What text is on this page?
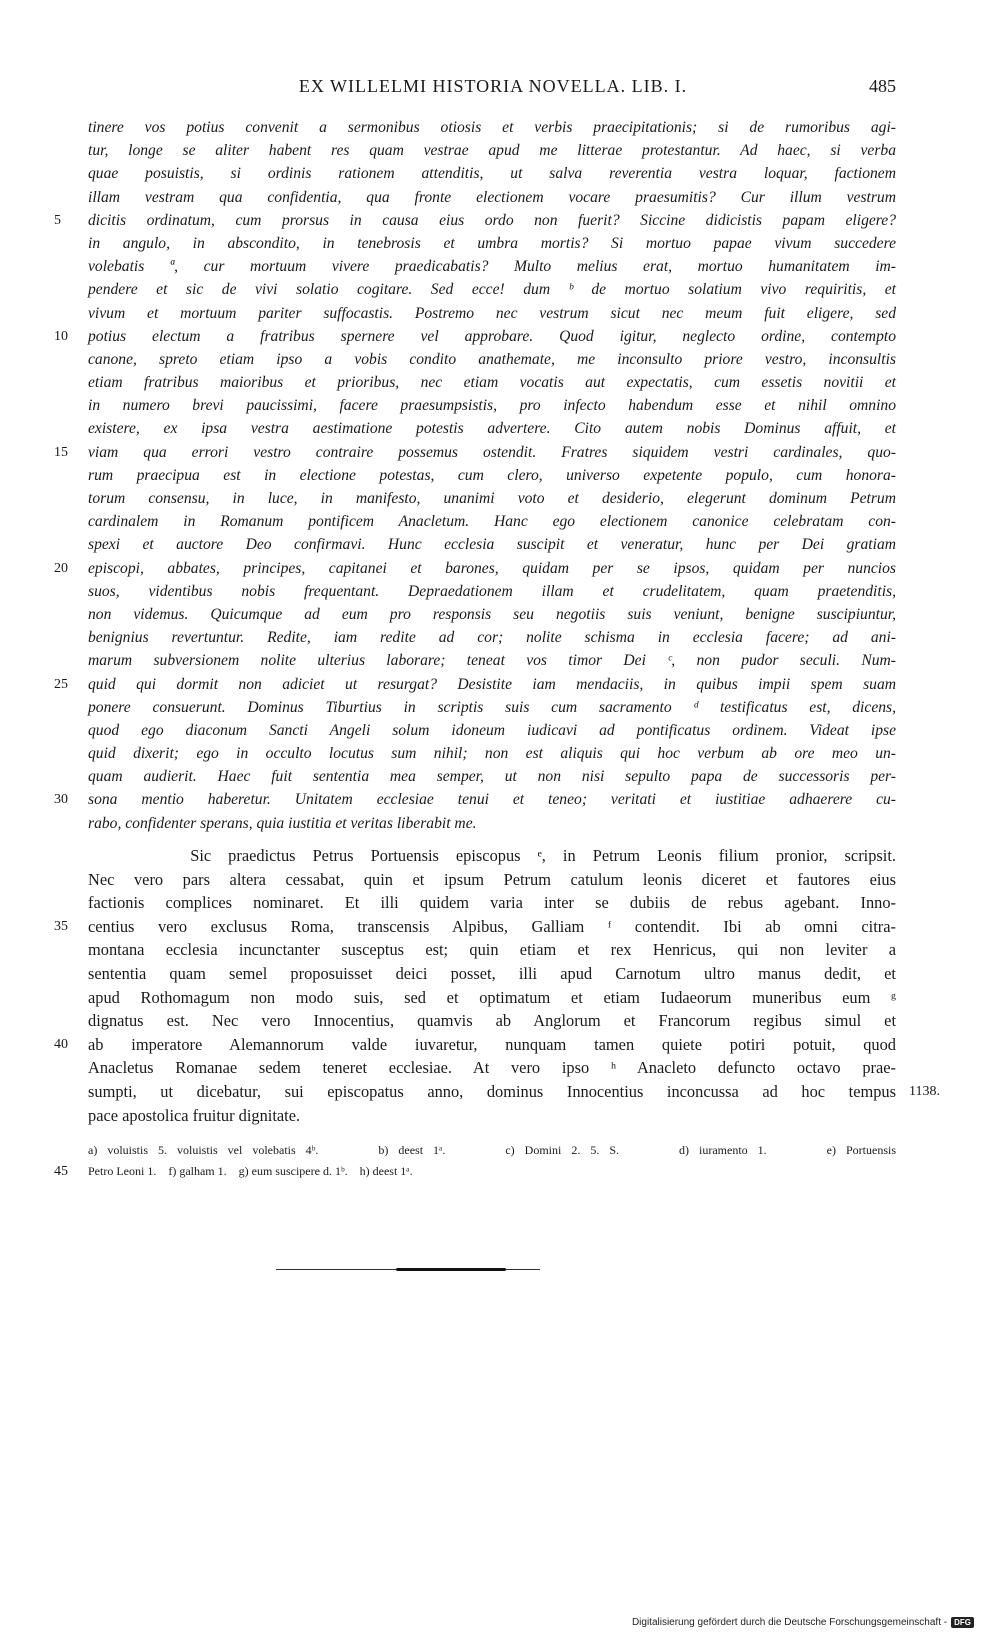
EX WILLELMI HISTORIA NOVELLA. LIB. I.	485
tinere vos potius convenit a sermonibus otiosis et verbis praecipitationis; si de rumoribus agi-
tur, longe se aliter habent res quam vestrae apud me litterae protestantur. Ad haec, si verba
quae posuistis, si ordinis rationem attenditis, ut salva reverentia vestra loquar, factionem
illam vestram qua confidentia, qua fronte electionem vocare praesumitis? Cur illum vestrum
5	dicitis ordinatum, cum prorsus in causa eius ordo non fuerit? Siccine didicistis papam eligere?
in angulo, in abscondito, in tenebrosis et umbra mortis? Si mortuo papae vivum succedere
volebatis ª, cur mortuum vivere praedicabatis? Multo melius erat, mortuo humanitatem im-
pendere et sic de vivi solatio cogitare. Sed ecce! dum ᵇ de mortuo solatium vivo requiritis, et
vivum et mortuum pariter suffocastis. Postremo nec vestrum sicut nec meum fuit eligere, sed
10	potius electum a fratribus spernere vel approbare. Quod igitur, neglecto ordine, contempto
canone, spreto etiam ipso a vobis condito anathemate, me inconsulto priore vestro, inconsultis
etiam fratribus maioribus et prioribus, nec etiam vocatis aut expectatis, cum essetis novitii et
in numero brevi paucissimi, facere praesumpsistis, pro infecto habendum esse et nihil omnino
existere, ex ipsa vestra aestimatione potestis advertere. Cito autem nobis Dominus affuit, et
15	viam qua errori vestro contraire possemus ostendit. Fratres siquidem vestri cardinales, quo-
rum praecipua est in electione potestas, cum clero, universo expetente populo, cum honora-
torum consensu, in luce, in manifesto, unanimi voto et desiderio, elegerunt dominum Petrum
cardinalem in Romanum pontificem Anacletum. Hanc ego electionem canonice celebratam con-
spexi et auctore Deo confirmavi. Hunc ecclesia suscipit et veneratur, hunc per Dei gratiam
20	episcopi, abbates, principes, capitanei et barones, quidam per se ipsos, quidam per nuncios
suos, videntibus nobis frequentant. Depraedationem illam et crudelitatem, quam praetenditis,
non videmus. Quicumque ad eum pro responsis seu negotiis suis veniunt, benigne suscipiuntur,
benignius revertuntur. Redite, iam redite ad cor; nolite schisma in ecclesia facere; ad ani-
marum subversionem nolite ulterius laborare; teneat vos timor Dei ᶜ, non pudor seculi. Num-
25	quid qui dormit non adiciet ut resurgat? Desistite iam mendaciis, in quibus impii spem suam
ponere consuerunt. Dominus Tiburtius in scriptis suis cum sacramento ᵈ testificatus est, dicens,
quod ego diaconum Sancti Angeli solum idoneum iudicavi ad pontificatus ordinem. Videat ipse
quid dixerit; ego in occulto locutus sum nihil; non est aliquis qui hoc verbum ab ore meo un-
quam audierit. Haec fuit sententia mea semper, ut non nisi sepulto papa de successoris per-
30	sona mentio haberetur. Unitatem ecclesiae tenui et teneo; veritati et iustitiae adhaerere cu-
rabo, confidenter sperans, quia iustitia et veritas liberabit me.
Sic praedictus Petrus Portuensis episcopus ᵉ, in Petrum Leonis filium pronior, scripsit.
Nec vero pars altera cessabat, quin et ipsum Petrum catulum leonis diceret et fautores eius
factionis complices nominaret. Et illi quidem varia inter se dubiis de rebus agebant. Inno-
35	centius vero exclusus Roma, transcensis Alpibus, Galliam ᶠ contendit. Ibi ab omni citra-
montana ecclesia incunctanter susceptus est; quin etiam et rex Henricus, qui non leviter a
sententia quam semel proposuisset deici posset, illi apud Carnotum ultro manus dedit, et
apud Rothomagum non modo suis, sed et optimatum et etiam Iudaeorum muneribus eum ᵍ
dignatus est. Nec vero Innocentius, quamvis ab Anglorum et Francorum regibus simul et
40	ab imperatore Alemannorum valde iuvaretur, nunquam tamen quiete potiri potuit, quod
Anacletus Romanae sedem teneret ecclesiae. At vero ipso ʰ Anacleto defuncto octavo prae-
sumpti, ut dicebatur, sui episcopatus anno, dominus Innocentius inconcussa ad hoc tempus 1138.
pace apostolica fruitur dignitate.
a) voluistis 5. voluistis vel volebatis 4ᵇ.      b) deest 1ᵃ.      c) Domini 2. 5. S.      d) iuramento 1.      e) Portuensis
45	Petro Leoni 1.    f) galham 1.    g) eum suscipere d. 1ᵇ.    h) deest 1ᵃ.
Digitalisierung gefördert durch die Deutsche Forschungsgemeinschaft - DFG
